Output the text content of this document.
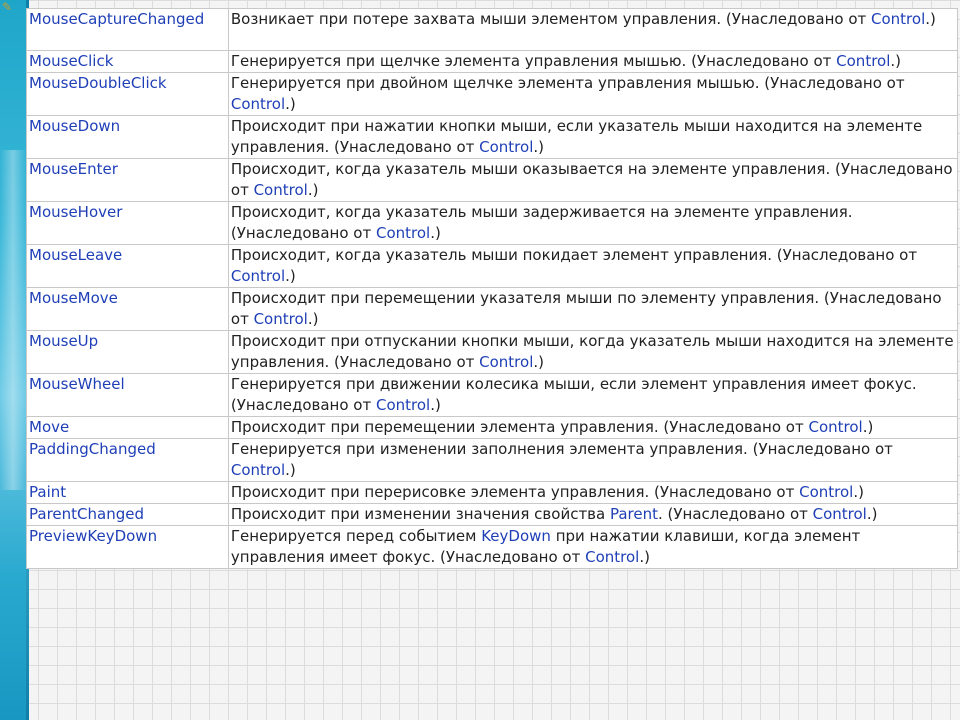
✎
MouseCaptureChanged	Возникает при потере захвата мыши элементом управления. (Унаследовано от Control.)
MouseClick	Генерируется при щелчке элемента управления мышью. (Унаследовано от Control.)
MouseDoubleClick	Генерируется при двойном щелчке элемента управления мышью. (Унаследовано от Control.)
MouseDown	Происходит при нажатии кнопки мыши, если указатель мыши находится на элементе управления. (Унаследовано от Control.)
MouseEnter	Происходит, когда указатель мыши оказывается на элементе управления. (Унаследовано от Control.)
MouseHover	Происходит, когда указатель мыши задерживается на элементе управления. (Унаследовано от Control.)
MouseLeave	Происходит, когда указатель мыши покидает элемент управления. (Унаследовано от Control.)
MouseMove	Происходит при перемещении указателя мыши по элементу управления. (Унаследовано от Control.)
MouseUp	Происходит при отпускании кнопки мыши, когда указатель мыши находится на элементе управления. (Унаследовано от Control.)
MouseWheel	Генерируется при движении колесика мыши, если элемент управления имеет фокус. (Унаследовано от Control.)
Move	Происходит при перемещении элемента управления. (Унаследовано от Control.)
PaddingChanged	Генерируется при изменении заполнения элемента управления. (Унаследовано от Control.)
Paint	Происходит при перерисовке элемента управления. (Унаследовано от Control.)
ParentChanged	Происходит при изменении значения свойства Parent. (Унаследовано от Control.)
PreviewKeyDown	Генерируется перед событием KeyDown при нажатии клавиши, когда элемент управления имеет фокус. (Унаследовано от Control.)
